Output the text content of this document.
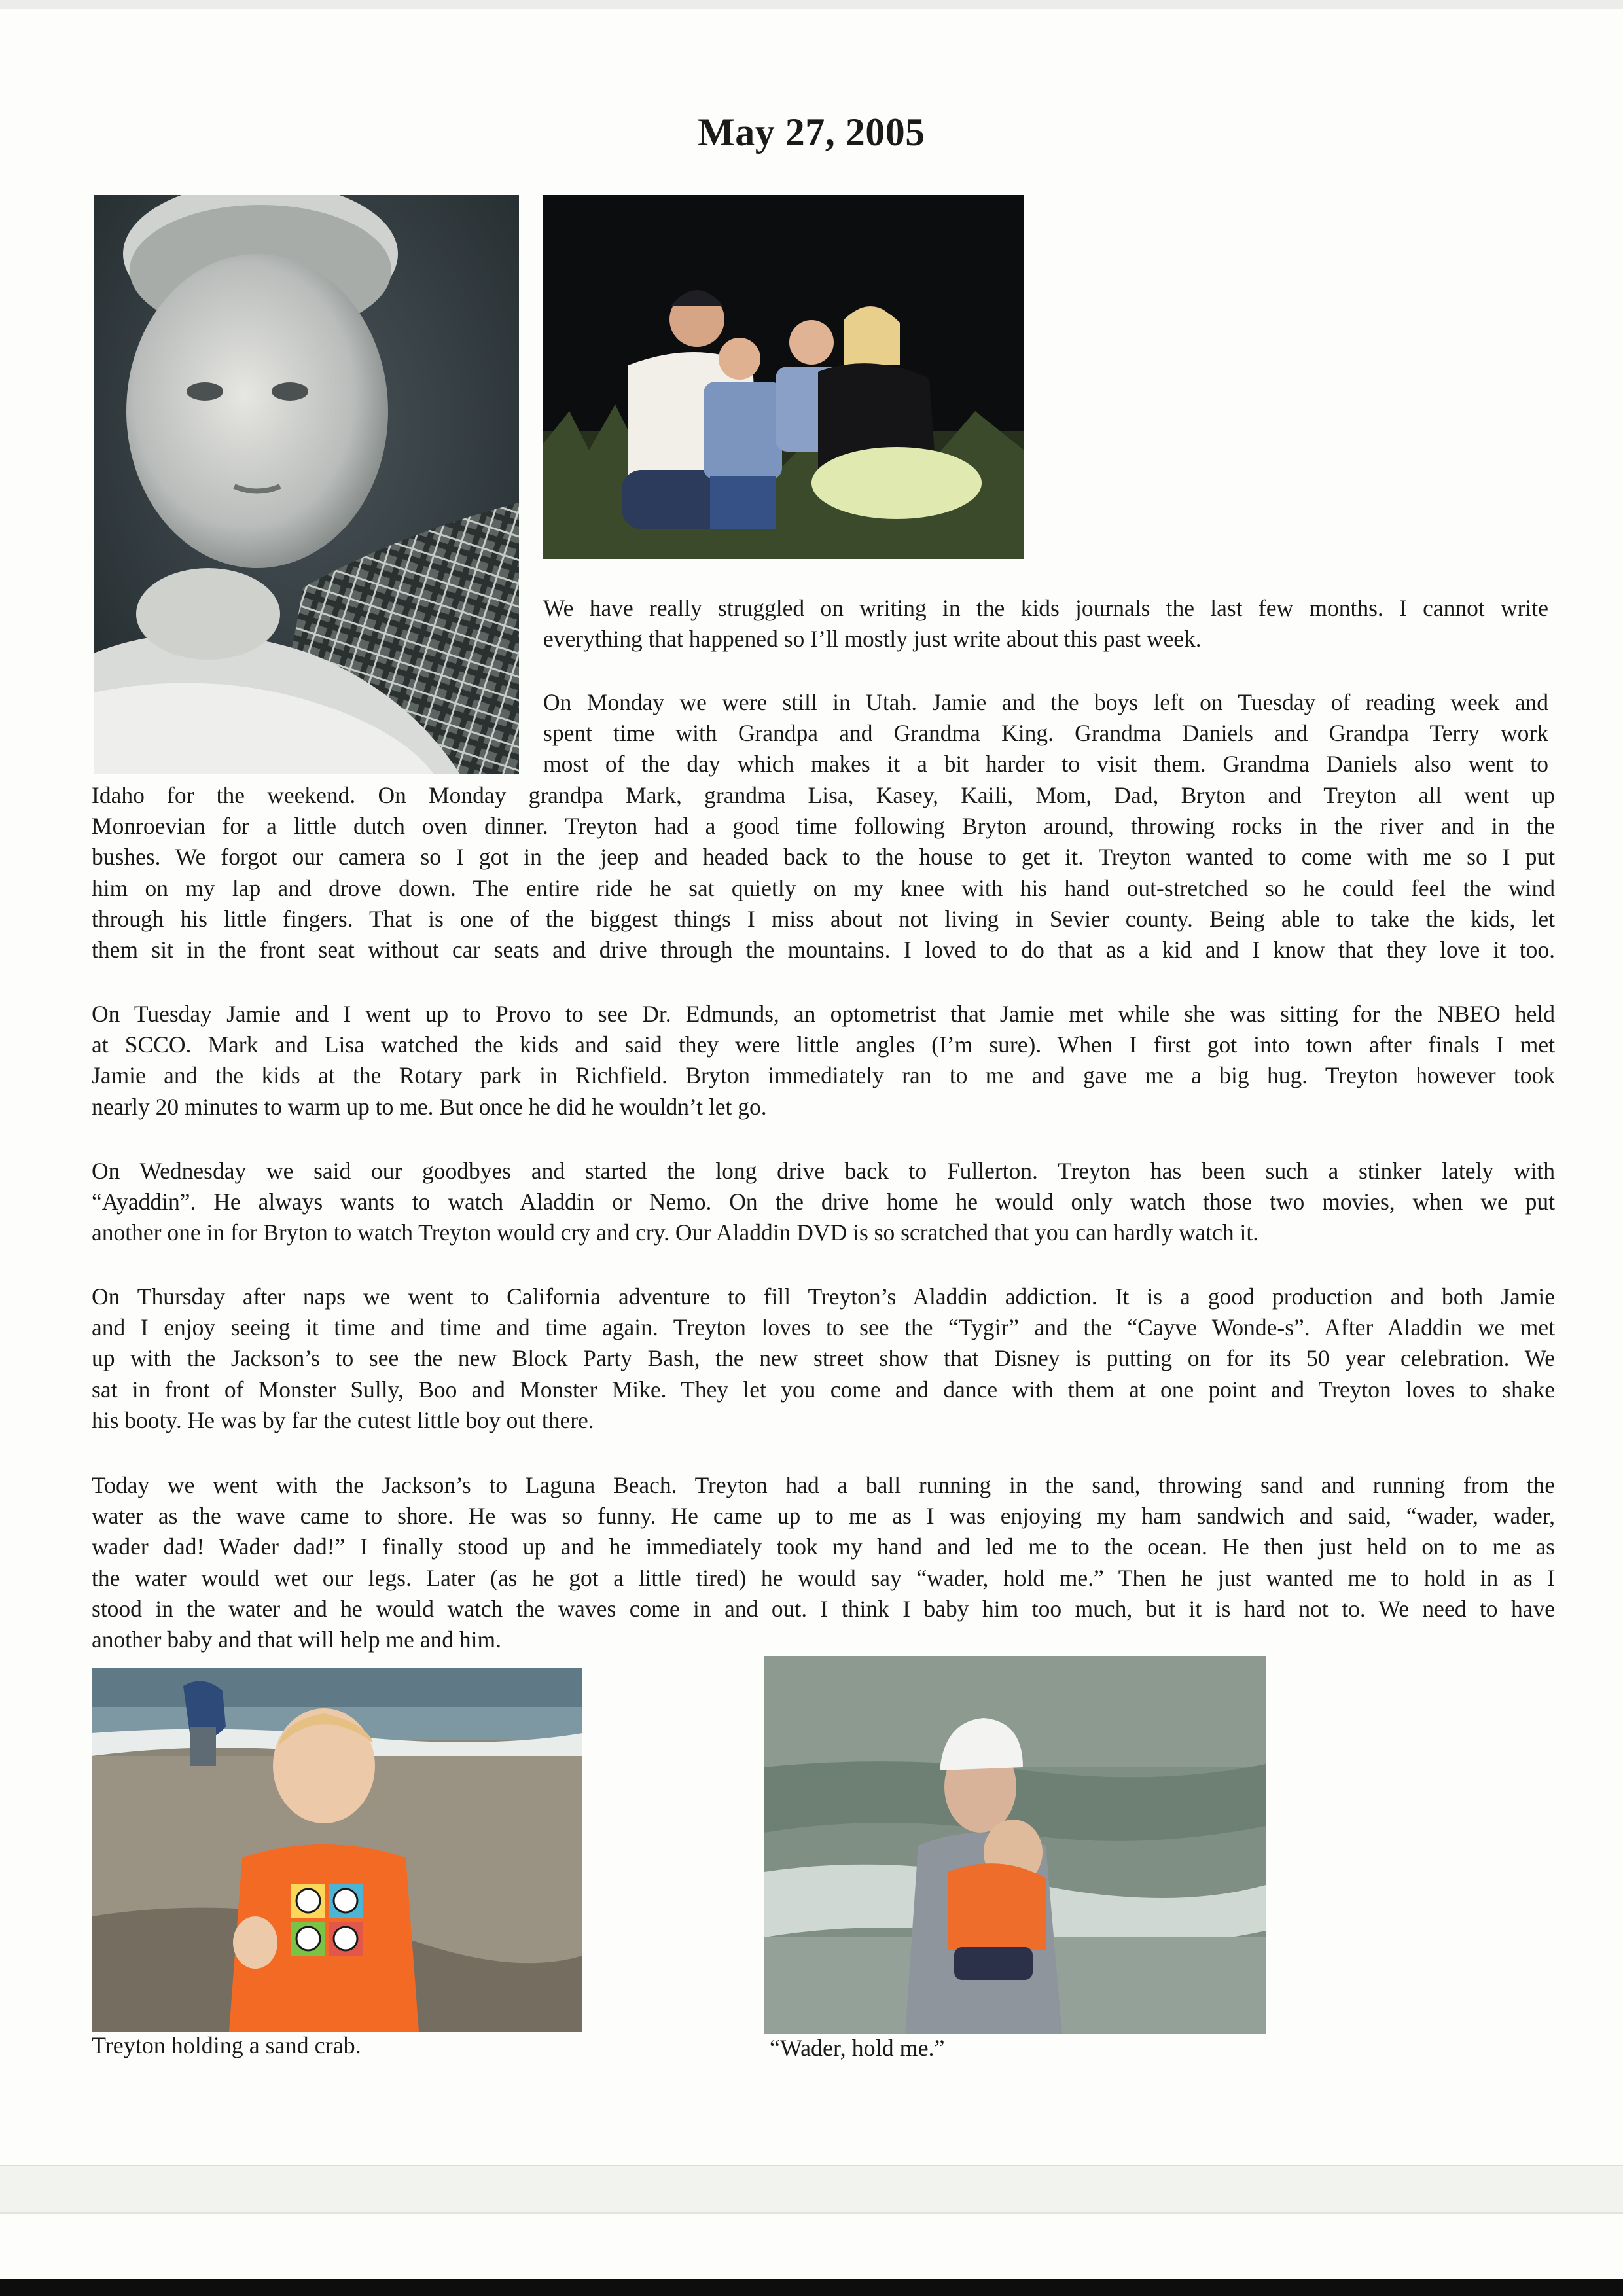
May 27, 2005
We have really struggled on writing in the kids journals the last few months. I cannot write
everything that happened so I’ll mostly just write about this past week.
On Monday we were still in Utah. Jamie and the boys left on Tuesday of reading week and
spent time with Grandpa and Grandma King. Grandma Daniels and Grandpa Terry work
most of the day which makes it a bit harder to visit them. Grandma Daniels also went to
Idaho for the weekend. On Monday grandpa Mark, grandma Lisa, Kasey, Kaili, Mom, Dad, Bryton and Treyton all went up
Monroevian for a little dutch oven dinner. Treyton had a good time following Bryton around, throwing rocks in the river and in the
bushes. We forgot our camera so I got in the jeep and headed back to the house to get it. Treyton wanted to come with me so I put
him on my lap and drove down. The entire ride he sat quietly on my knee with his hand out-stretched so he could feel the wind
through his little fingers. That is one of the biggest things I miss about not living in Sevier county. Being able to take the kids, let
them sit in the front seat without car seats and drive through the mountains. I loved to do that as a kid and I know that they love it too.
On Tuesday Jamie and I went up to Provo to see Dr. Edmunds, an optometrist that Jamie met while she was sitting for the NBEO held
at SCCO. Mark and Lisa watched the kids and said they were little angles (I’m sure). When I first got into town after finals I met
Jamie and the kids at the Rotary park in Richfield. Bryton immediately ran to me and gave me a big hug. Treyton however took
nearly 20 minutes to warm up to me. But once he did he wouldn’t let go.
On Wednesday we said our goodbyes and started the long drive back to Fullerton. Treyton has been such a stinker lately with
“Ayaddin”. He always wants to watch Aladdin or Nemo. On the drive home he would only watch those two movies, when we put
another one in for Bryton to watch Treyton would cry and cry. Our Aladdin DVD is so scratched that you can hardly watch it.
On Thursday after naps we went to California adventure to fill Treyton’s Aladdin addiction. It is a good production and both Jamie
and I enjoy seeing it time and time and time again. Treyton loves to see the “Tygir” and the “Cayve Wonde-s”. After Aladdin we met
up with the Jackson’s to see the new Block Party Bash, the new street show that Disney is putting on for its 50 year celebration. We
sat in front of Monster Sully, Boo and Monster Mike. They let you come and dance with them at one point and Treyton loves to shake
his booty. He was by far the cutest little boy out there.
Today we went with the Jackson’s to Laguna Beach. Treyton had a ball running in the sand, throwing sand and running from the
water as the wave came to shore. He was so funny. He came up to me as I was enjoying my ham sandwich and said, “wader, wader,
wader dad! Wader dad!” I finally stood up and he immediately took my hand and led me to the ocean. He then just held on to me as
the water would wet our legs. Later (as he got a little tired) he would say “wader, hold me.” Then he just wanted me to hold in as I
stood in the water and he would watch the waves come in and out. I think I baby him too much, but it is hard not to. We need to have
another baby and that will help me and him.
Treyton holding a sand crab.	“Wader, hold me.”
